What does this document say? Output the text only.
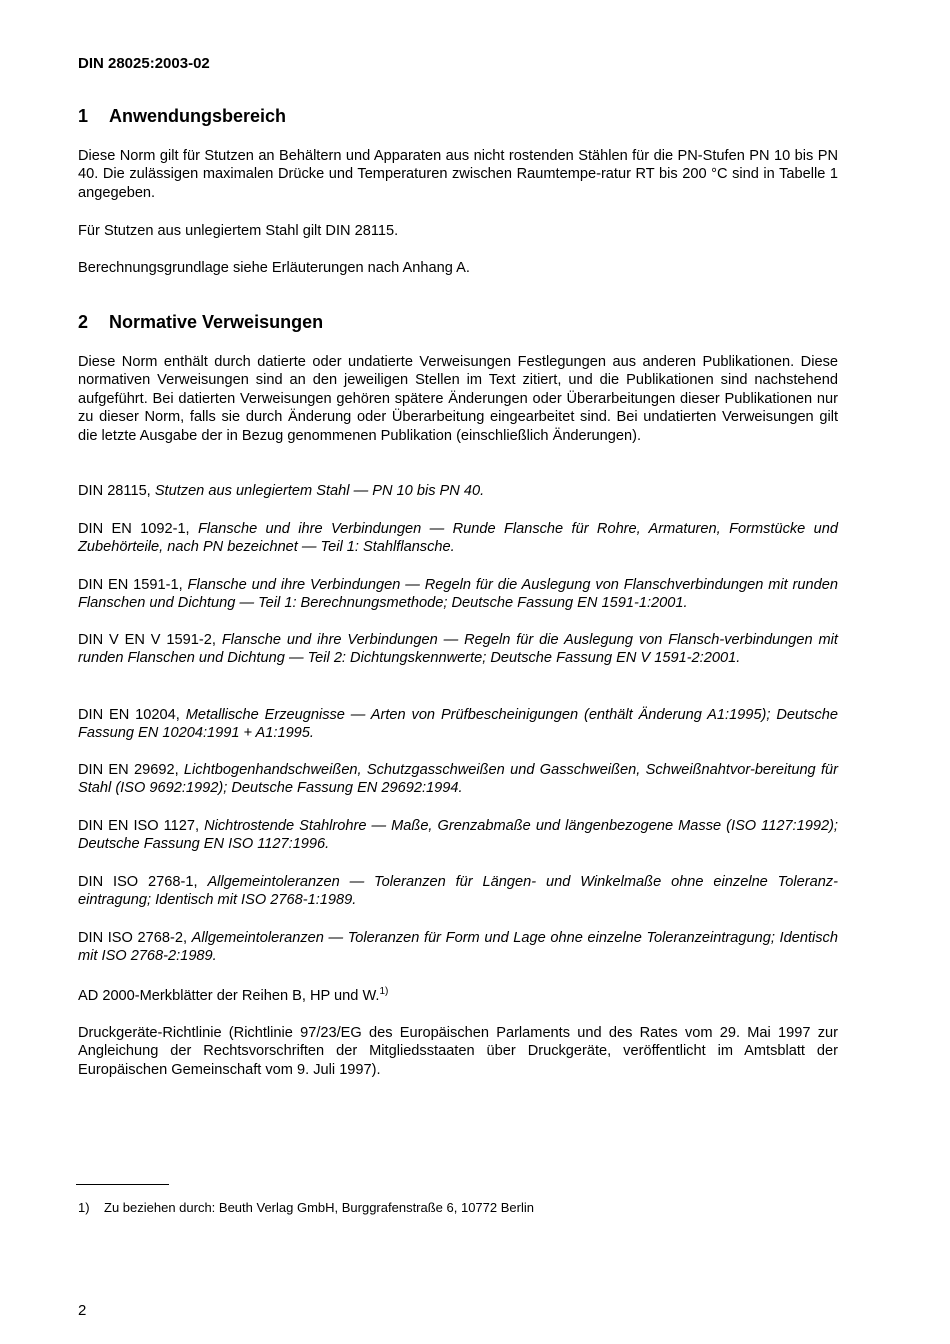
DIN 28025:2003-02
1 Anwendungsbereich

Diese Norm gilt für Stutzen an Behältern und Apparaten aus nicht rostenden Stählen für die PN-Stufen PN 10 bis PN 40. Die zulässigen maximalen Drücke und Temperaturen zwischen Raumtempe-ratur RT bis 200 °C sind in Tabelle 1 angegeben.

Für Stutzen aus unlegiertem Stahl gilt DIN 28115.

Berechnungsgrundlage siehe Erläuterungen nach Anhang A.

2 Normative Verweisungen

Diese Norm enthält durch datierte oder undatierte Verweisungen Festlegungen aus anderen Publikationen. Diese normativen Verweisungen sind an den jeweiligen Stellen im Text zitiert, und die Publikationen sind nachstehend aufgeführt. Bei datierten Verweisungen gehören spätere Änderungen oder Überarbeitungen dieser Publikationen nur zu dieser Norm, falls sie durch Änderung oder Überarbeitung eingearbeitet sind. Bei undatierten Verweisungen gilt die letzte Ausgabe der in Bezug genommenen Publikation (einschließlich Änderungen).

DIN 28115, Stutzen aus unlegiertem Stahl — PN 10 bis PN 40.

DIN EN 1092-1, Flansche und ihre Verbindungen — Runde Flansche für Rohre, Armaturen, Formstücke und Zubehörteile, nach PN bezeichnet — Teil 1: Stahlflansche.

DIN EN 1591-1, Flansche und ihre Verbindungen — Regeln für die Auslegung von Flanschverbindungen mit runden Flanschen und Dichtung — Teil 1: Berechnungsmethode; Deutsche Fassung EN 1591-1:2001.

DIN V EN V 1591-2, Flansche und ihre Verbindungen — Regeln für die Auslegung von Flansch-verbindungen mit runden Flanschen und Dichtung — Teil 2: Dichtungskennwerte; Deutsche Fassung EN V 1591-2:2001.

DIN EN 10204, Metallische Erzeugnisse — Arten von Prüfbescheinigungen (enthält Änderung A1:1995); Deutsche Fassung EN 10204:1991 + A1:1995.

DIN EN 29692, Lichtbogenhandschweißen, Schutzgasschweißen und Gasschweißen, Schweißnahtvor-bereitung für Stahl (ISO 9692:1992); Deutsche Fassung EN 29692:1994.

DIN EN ISO 1127, Nichtrostende Stahlrohre — Maße, Grenzabmaße und längenbezogene Masse (ISO 1127:1992); Deutsche Fassung EN ISO 1127:1996.

DIN ISO 2768-1, Allgemeintoleranzen — Toleranzen für Längen- und Winkelmaße ohne einzelne Toleranz-eintragung; Identisch mit ISO 2768-1:1989.

DIN ISO 2768-2, Allgemeintoleranzen — Toleranzen für Form und Lage ohne einzelne Toleranzeintragung; Identisch mit ISO 2768-2:1989.

AD 2000-Merkblätter der Reihen B, HP und W.$^{1)}$

Druckgeräte-Richtlinie (Richtlinie 97/23/EG des Europäischen Parlaments und des Rates vom 29. Mai 1997 zur Angleichung der Rechtsvorschriften der Mitgliedsstaaten über Druckgeräte, veröffentlicht im Amtsblatt der Europäischen Gemeinschaft vom 9. Juli 1997).

1) Zu beziehen durch: Beuth Verlag GmbH, Burggrafenstraße 6, 10772 Berlin
2
